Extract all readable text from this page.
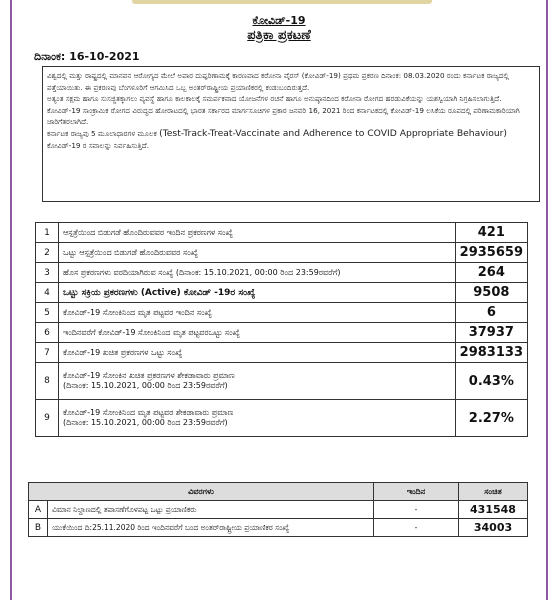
ಕೋವಿಡ್-19
ಪತ್ರಿಕಾ ಪ್ರಕಟಣೆ
ದಿನಾಂಕ: 16-10-2021

ವಿಶ್ವದಲ್ಲಿ ಮತ್ತು ರಾಷ್ಟ್ರದಲ್ಲಿ ಮಾನವನ ಆರೋಗ್ಯದ ಮೇಲೆ ಅಪಾರ ದುಷ್ಪರಿಣಾಮಕ್ಕೆ ಕಾರಣವಾದ ಕರೋನಾ ವೈರಸ್ (ಕೋವಿಡ್-19) ಪ್ರಥಮ ಪ್ರಕರಣ ದಿನಾಂಕ: 08.03.2020 ರಂದು ಕರ್ನಾಟಕ ರಾಜ್ಯದಲ್ಲಿ ಪತ್ತೆಯಾಯಿತು. ಈ ಪ್ರಕರಣವು ಬೆಂಗಳೂರಿಗೆ ಆಗಮಿಸಿದ ಒಬ್ಬ ಅಂತರ್‌ರಾಷ್ಟ್ರೀಯ ಪ್ರಯಾಣಿಕರಲ್ಲಿ ಕಂಡುಬಂದಿರುತ್ತದೆ.

ಅತ್ಯಂತ ಸಕ್ಷಮ ಹಾಗೂ ಸುಸಜ್ಜಿತಕ್ಕಾಗಲು ವ್ಯವಸ್ಥೆ ಹಾಗೂ ಕಾಲಕಾಲಕ್ಕೆ ಸಮರ್ಪಕವಾದ ಯೋಜನೆಗಳ ರಚನೆ ಹಾಗೂ ಅನುಷ್ಠಾನದಿಂದ ಕರೋನಾ ರೋಗದ ಹರಡುವಿಕೆಯನ್ನು ಯಶಸ್ವಿಯಾಗಿ ನಿಗ್ರಹಿಸಲಾಗುತ್ತಿದೆ.

ಕೋವಿಡ್-19 ಸಾಂಕ್ರಾಮಿಕ ರೋಗದ ವಿರುದ್ಧದ ಹೋರಾಟದಲ್ಲಿ ಭಾರತ ಸರ್ಕಾರದ ಮಾರ್ಗಸೂಚಿಗಳ ಪ್ರಕಾರ ಜನವರಿ 16, 2021 ರಿಂದ ಕರ್ನಾಟಕದಲ್ಲಿ ಕೋವಿಡ್-19 ಲಸಿಕೆಯ ರೂಪದಲ್ಲಿ ಪರಿಣಾಮಕಾರಿಯಾಗಿ ಜಾರಿಗೆತರಲಾಗಿದೆ.

ಕರ್ನಾಟಕ ರಾಜ್ಯವು 5 ಮೂಲಾಧಾರಗಳ ಮೂಲಕ (Test-Track-Treat-Vaccinate and Adherence to COVID Appropriate Behaviour) ಕೋವಿಡ್-19 ರ ಸವಾಲನ್ನು ನಿರ್ವಹಿಸುತ್ತಿದೆ.

1	ಆಸ್ಪತ್ರೆಯಿಂದ ಬಿಡುಗಡೆ ಹೊಂದಿರುವವರ ಇಂದಿನ ಪ್ರಕರಣಗಳ ಸಂಖ್ಯೆ	421
2	ಒಟ್ಟು ಆಸ್ಪತ್ರೆಯಿಂದ ಬಿಡುಗಡೆ ಹೊಂದಿರುವವರ ಸಂಖ್ಯೆ	2935659
3	ಹೊಸ ಪ್ರಕರಣಗಳು ವರದಿಯಾಗಿರುವ ಸಂಖ್ಯೆ (ದಿನಾಂಕ: 15.10.2021, 00:00 ರಿಂದ 23:59ರವರೆಗೆ)	264
4	ಒಟ್ಟು ಸಕ್ರಿಯ ಪ್ರಕರಣಗಳು (Active) ಕೋವಿಡ್ -19ರ ಸಂಖ್ಯೆ	9508
5	ಕೋವಿಡ್-19 ಸೋಂಕಿನಿಂದ ಮೃತ ಪಟ್ಟವರ ಇಂದಿನ ಸಂಖ್ಯೆ	6
6	ಇಂದಿನವರೆಗೆ ಕೋವಿಡ್-19 ಸೋಂಕಿನಿಂದ ಮೃತ ಪಟ್ಟವರಒಟ್ಟು ಸಂಖ್ಯೆ	37937
7	ಕೋವಿಡ್-19 ಖಚಿತ ಪ್ರಕರಣಗಳ ಒಟ್ಟು ಸಂಖ್ಯೆ	2983133
8	ಕೋವಿಡ್-19 ಸೋಂಕಿನ ಖಚಿತ ಪ್ರಕರಣಗಳ ಶೇಕಡಾವಾರು ಪ್ರಮಾಣ
(ದಿನಾಂಕ: 15.10.2021, 00:00 ರಿಂದ 23:59ರವರೆಗೆ)	0.43%
9	ಕೋವಿಡ್-19 ಸೋಂಕಿನಿಂದ ಮೃತ ಪಟ್ಟವರ ಶೇಕಡಾವಾರು ಪ್ರಮಾಣ
(ದಿನಾಂಕ: 15.10.2021, 00:00 ರಿಂದ 23:59ರವರೆಗೆ)	2.27%
ವಿವರಗಳು		ಇಂದಿನ	ಸಂಚಿತ
A	ವಿಮಾನ ನಿಲ್ದಾಣದಲ್ಲಿ ತಪಾಸಣೆಗೊಳಪಟ್ಟ ಒಟ್ಟು ಪ್ರಯಾಣಿಕರು	-	431548
B	ಯುಕೆಯಿಂದ ದಿ:25.11.2020 ರಿಂದ ಇಂದಿನವರೆಗೆ ಬಂದ ಅಂತರ್‌ರಾಷ್ಟ್ರೀಯ ಪ್ರಯಾಣಿಕರ ಸಂಖ್ಯೆ	-	34003
